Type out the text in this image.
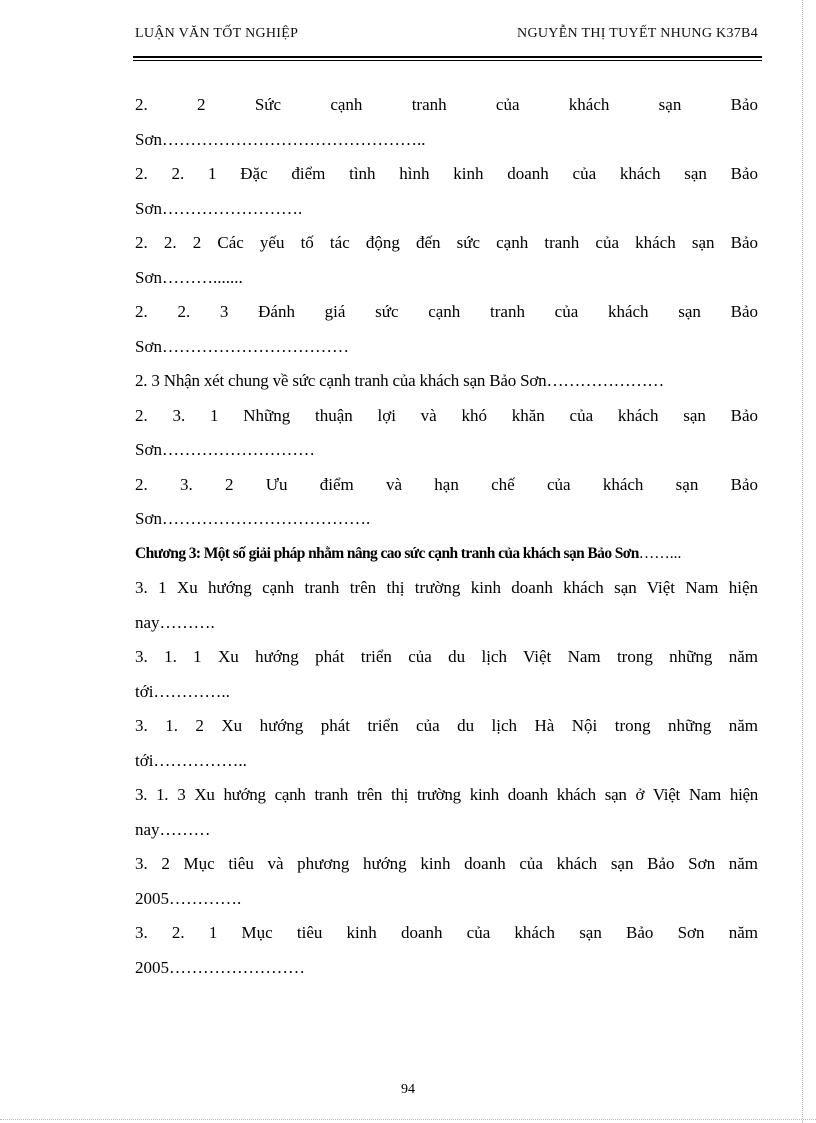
LUẬN VĂN TỐT NGHIỆP	NGUYỄN THỊ TUYẾT NHUNG K37B4

2. 2 Sức cạnh tranh của khách sạn Bảo
Sơn………………………………………..

2. 2. 1 Đặc điểm tình hình kinh doanh của khách sạn Bảo
Sơn…………………….

2. 2. 2 Các yếu tố tác động đến sức cạnh tranh của khách sạn Bảo
Sơn……….......

2. 2. 3 Đánh giá sức cạnh tranh của khách sạn Bảo
Sơn……………………………

2. 3 Nhận xét chung về sức cạnh tranh của khách sạn Bảo Sơn…………………

2. 3. 1 Những thuận lợi và khó khăn của khách sạn Bảo
Sơn………………………

2. 3. 2 Ưu điểm và hạn chế của khách sạn Bảo
Sơn……………………………….

Chương 3: Một số giải pháp nhằm nâng cao sức cạnh tranh của khách sạn Bảo Sơn……...

3. 1 Xu hướng cạnh tranh trên thị trường kinh doanh khách sạn Việt Nam hiện
nay……….

3. 1. 1 Xu hướng phát triển của du lịch Việt Nam trong những năm
tới…………..

3. 1. 2 Xu hướng phát triển của du lịch Hà Nội trong những năm
tới……………..

3. 1. 3 Xu hướng cạnh tranh trên thị trường kinh doanh khách sạn ở Việt Nam hiện
nay………

3. 2 Mục tiêu và phương hướng kinh doanh của khách sạn Bảo Sơn năm
2005………….

3. 2. 1 Mục tiêu kinh doanh của khách sạn Bảo Sơn năm
2005……………………

94
